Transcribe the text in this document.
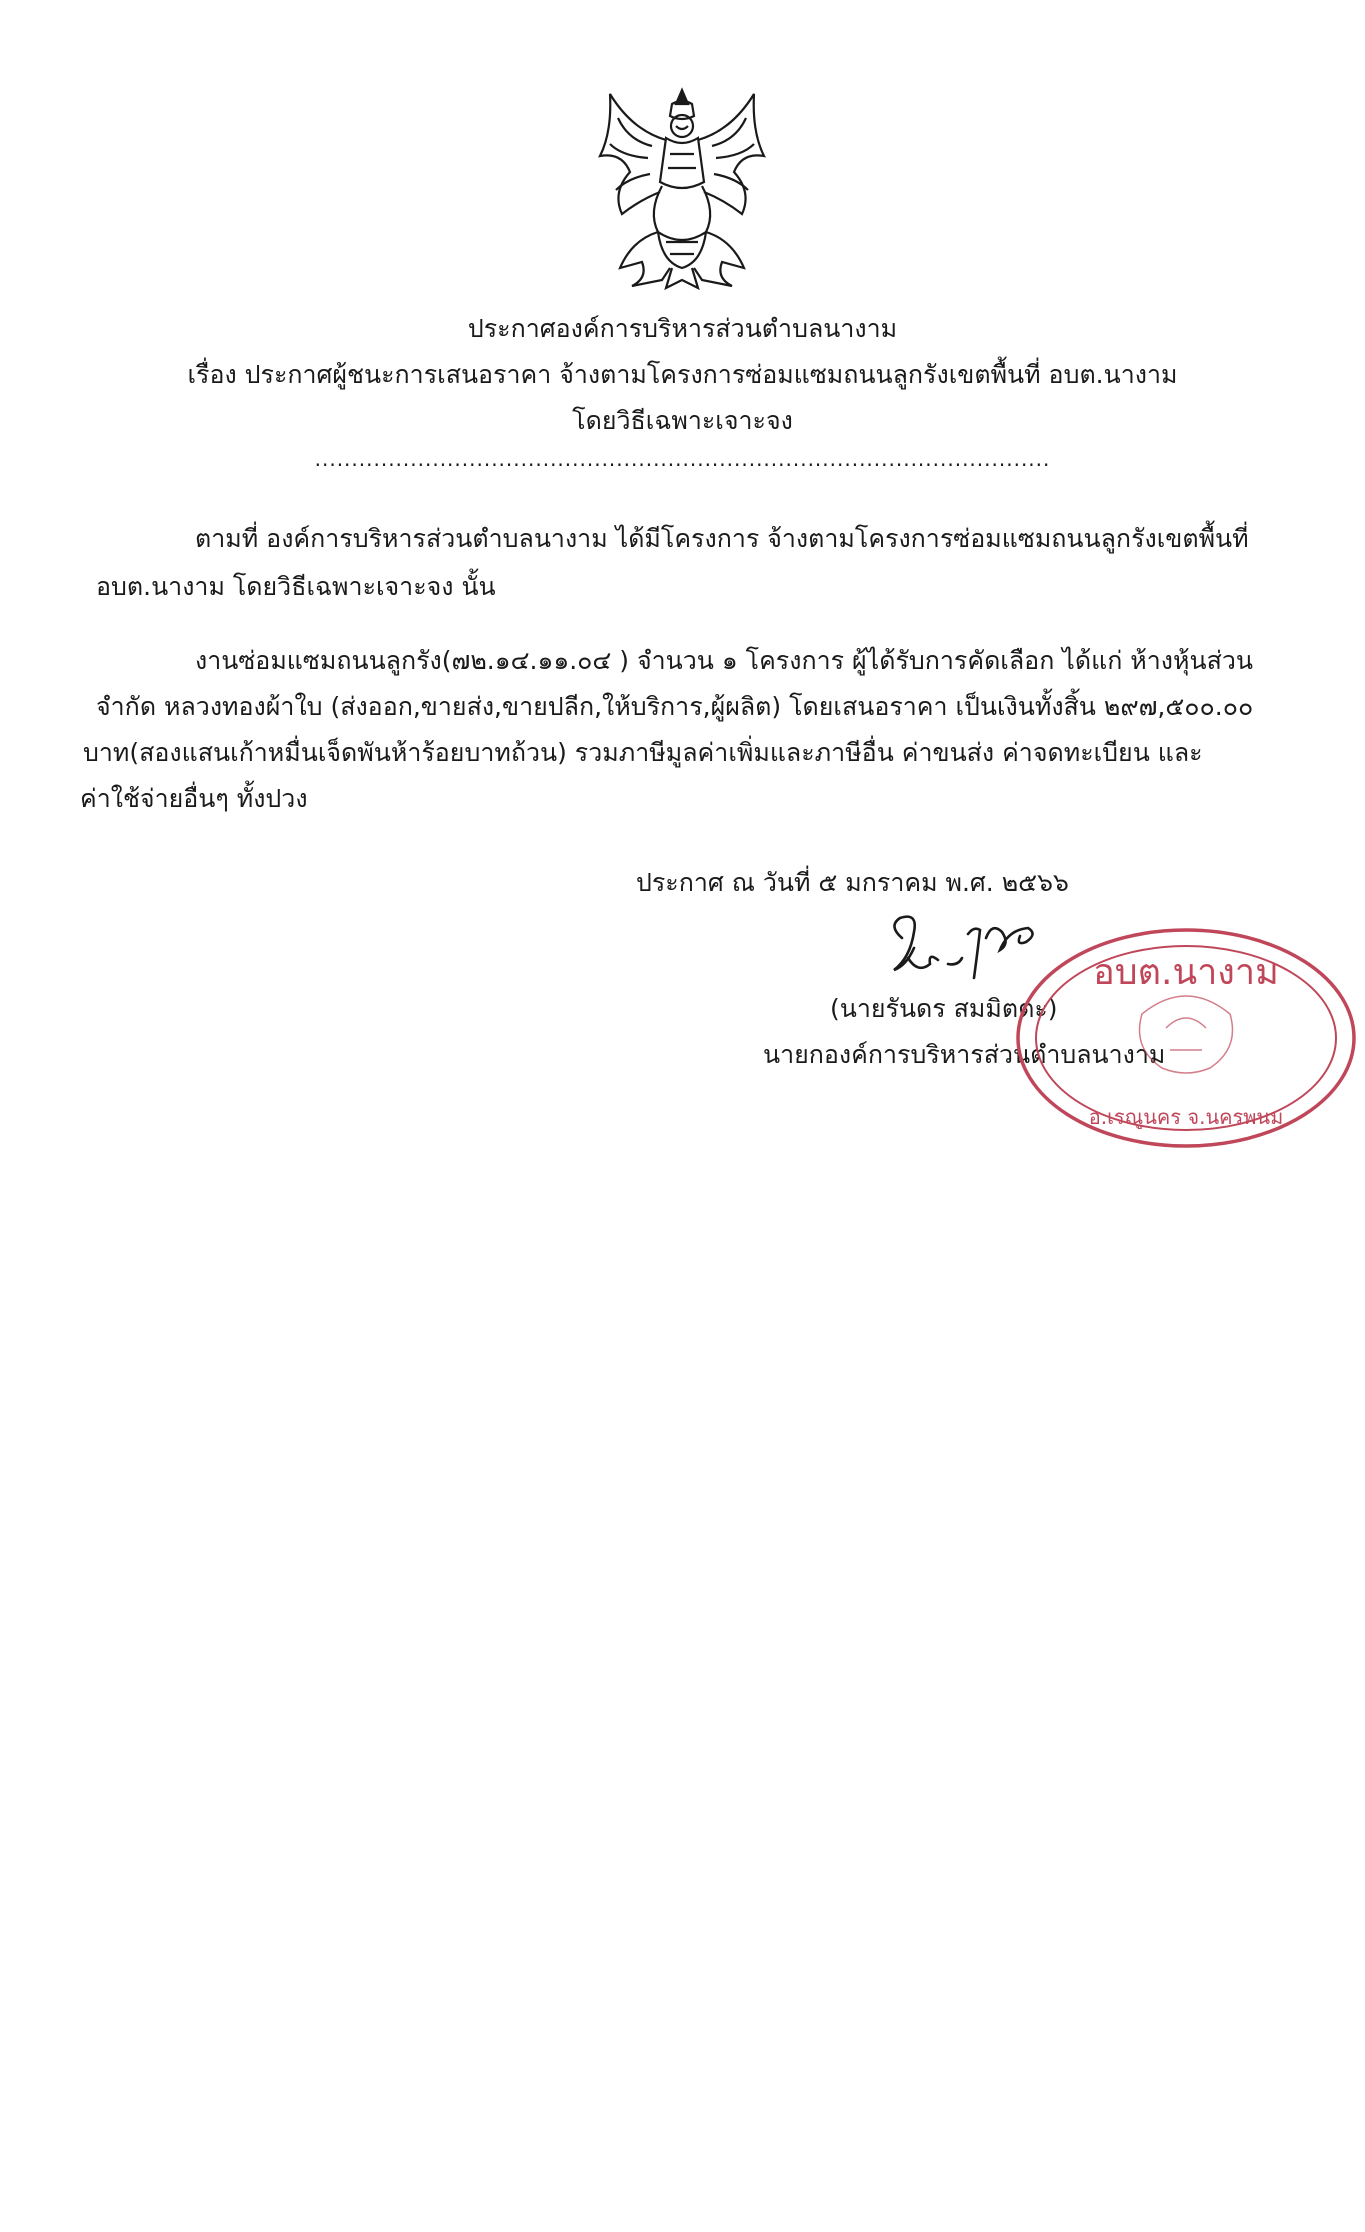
ประกาศองค์การบริหารส่วนตำบลนางาม
เรื่อง ประกาศผู้ชนะการเสนอราคา จ้างตามโครงการซ่อมแซมถนนลูกรังเขตพื้นที่ อบต.นางาม
โดยวิธีเฉพาะเจาะจง
....................................................................................................
ตามที่ องค์การบริหารส่วนตำบลนางาม ได้มีโครงการ จ้างตามโครงการซ่อมแซมถนนลูกรังเขตพื้นที่
อบต.นางาม โดยวิธีเฉพาะเจาะจง นั้น
งานซ่อมแซมถนนลูกรัง(๗๒.๑๔.๑๑.๐๔ ) จำนวน ๑ โครงการ ผู้ได้รับการคัดเลือก ได้แก่ ห้างหุ้นส่วน
จำกัด หลวงทองผ้าใบ (ส่งออก,ขายส่ง,ขายปลีก,ให้บริการ,ผู้ผลิต) โดยเสนอราคา เป็นเงินทั้งสิ้น ๒๙๗,๕๐๐.๐๐
บาท(สองแสนเก้าหมื่นเจ็ดพันห้าร้อยบาทถ้วน) รวมภาษีมูลค่าเพิ่มและภาษีอื่น ค่าขนส่ง ค่าจดทะเบียน และ
ค่าใช้จ่ายอื่นๆ ทั้งปวง
ประกาศ ณ วันที่ ๕ มกราคม พ.ศ. ๒๕๖๖
(นายรันดร สมมิตตะ)
นายกองค์การบริหารส่วนตำบลนางาม
อบต.นางาม
อ.เรณูนคร จ.นครพนม
